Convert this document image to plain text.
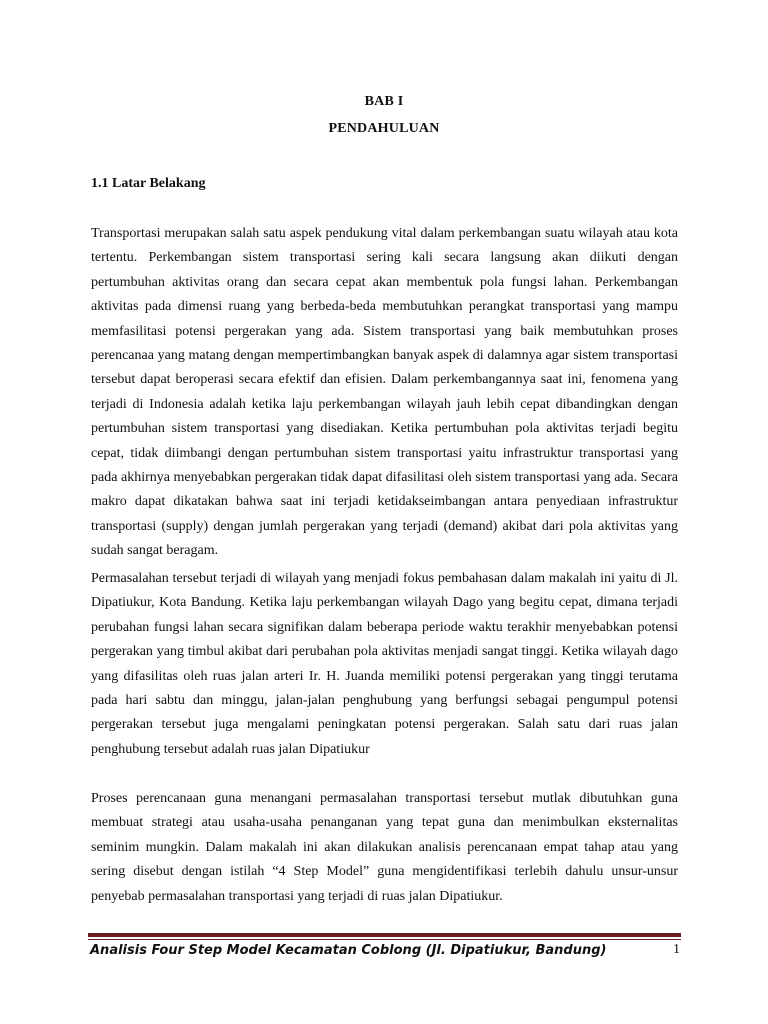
BAB I
PENDAHULUAN
1.1 Latar Belakang

Transportasi merupakan salah satu aspek pendukung vital dalam perkembangan suatu wilayah atau kota tertentu. Perkembangan sistem transportasi sering kali secara langsung akan diikuti dengan pertumbuhan aktivitas orang dan secara cepat akan membentuk pola fungsi lahan. Perkembangan aktivitas pada dimensi ruang yang berbeda-beda membutuhkan perangkat transportasi yang mampu memfasilitasi potensi pergerakan yang ada. Sistem transportasi yang baik membutuhkan proses perencanaa yang matang dengan mempertimbangkan banyak aspek di dalamnya agar sistem transportasi tersebut dapat beroperasi secara efektif dan efisien. Dalam perkembangannya saat ini, fenomena yang terjadi di Indonesia adalah ketika laju perkembangan wilayah jauh lebih cepat dibandingkan dengan pertumbuhan sistem transportasi yang disediakan. Ketika pertumbuhan pola aktivitas terjadi begitu cepat, tidak diimbangi dengan pertumbuhan sistem transportasi yaitu infrastruktur transportasi yang pada akhirnya menyebabkan pergerakan tidak dapat difasilitasi oleh sistem transportasi yang ada. Secara makro dapat dikatakan bahwa saat ini terjadi ketidakseimbangan antara penyediaan infrastruktur transportasi (supply) dengan jumlah pergerakan yang terjadi (demand) akibat dari pola aktivitas yang sudah sangat beragam.

Permasalahan tersebut terjadi di wilayah yang menjadi fokus pembahasan dalam makalah ini yaitu di Jl. Dipatiukur, Kota Bandung. Ketika laju perkembangan wilayah Dago yang begitu cepat, dimana terjadi perubahan fungsi lahan secara signifikan dalam beberapa periode waktu terakhir menyebabkan potensi pergerakan yang timbul akibat dari perubahan pola aktivitas menjadi sangat tinggi. Ketika wilayah dago yang difasilitas oleh ruas jalan arteri Ir. H. Juanda memiliki potensi pergerakan yang tinggi terutama pada hari sabtu dan minggu, jalan-jalan penghubung yang berfungsi sebagai pengumpul potensi pergerakan tersebut juga mengalami peningkatan potensi pergerakan. Salah satu dari ruas jalan penghubung tersebut adalah ruas jalan Dipatiukur

Proses perencanaan guna menangani permasalahan transportasi tersebut mutlak dibutuhkan guna membuat strategi atau usaha-usaha penanganan yang tepat guna dan menimbulkan eksternalitas seminim mungkin. Dalam makalah ini akan dilakukan analisis perencanaan empat tahap atau yang sering disebut dengan istilah “4 Step Model” guna mengidentifikasi terlebih dahulu unsur-unsur penyebab permasalahan transportasi yang terjadi di ruas jalan Dipatiukur.

Analisis Four Step Model Kecamatan Coblong (Jl. Dipatiukur, Bandung)	1
